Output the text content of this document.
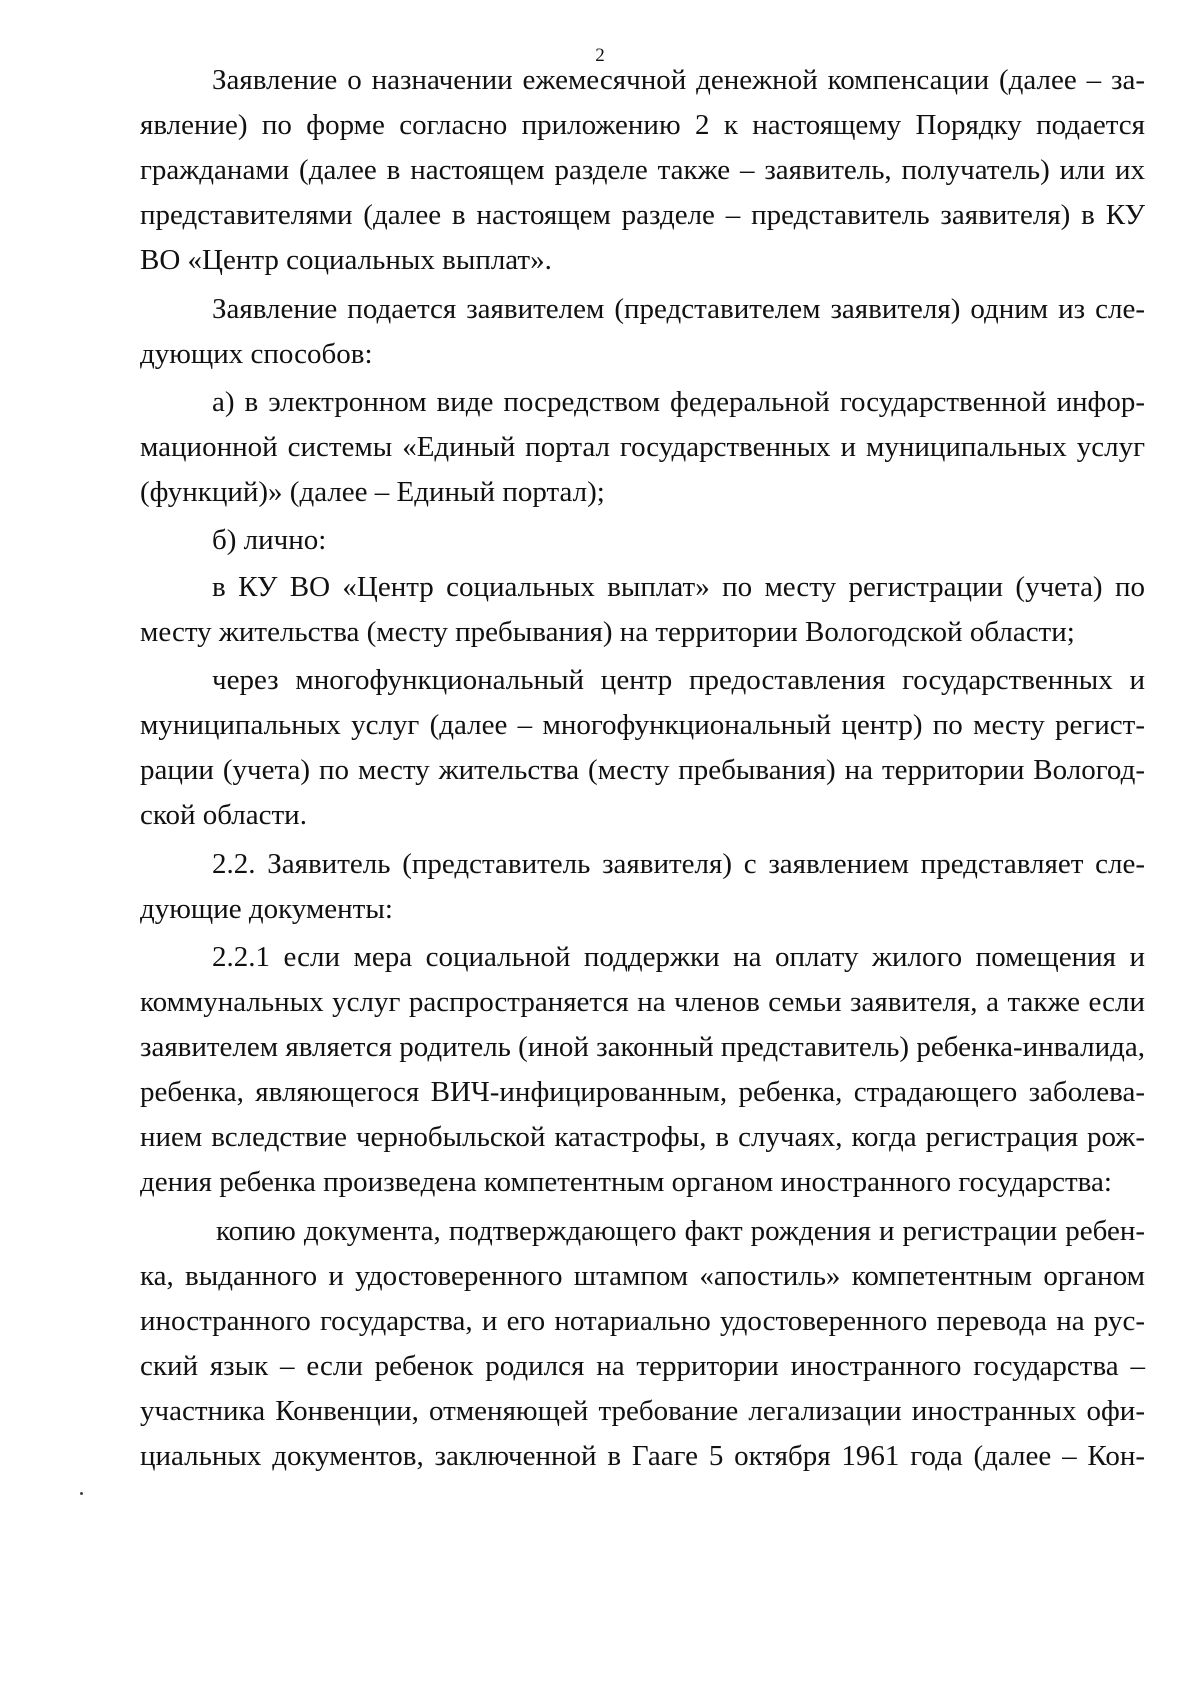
2
Заявление о назначении ежемесячной денежной компенсации (далее – за-
явление) по форме согласно приложению 2 к настоящему Порядку подается
гражданами (далее в настоящем разделе также – заявитель, получатель) или их
представителями (далее в настоящем разделе – представитель заявителя) в КУ
ВО «Центр социальных выплат».
Заявление подается заявителем (представителем заявителя) одним из сле-
дующих способов:
а) в электронном виде посредством федеральной государственной инфор-
мационной системы «Единый портал государственных и муниципальных услуг
(функций)» (далее – Единый портал);
б) лично:
в КУ ВО «Центр социальных выплат» по месту регистрации (учета) по
месту жительства (месту пребывания) на территории Вологодской области;
через многофункциональный центр предоставления государственных и
муниципальных услуг (далее – многофункциональный центр) по месту регист-
рации (учета) по месту жительства (месту пребывания) на территории Вологод-
ской области.
2.2. Заявитель (представитель заявителя) с заявлением представляет сле-
дующие документы:
2.2.1 если мера социальной поддержки на оплату жилого помещения и
коммунальных услуг распространяется на членов семьи заявителя, а также если
заявителем является родитель (иной законный представитель) ребенка-инвалида,
ребенка, являющегося ВИЧ-инфицированным, ребенка, страдающего заболева-
нием вследствие чернобыльской катастрофы, в случаях, когда регистрация рож-
дения ребенка произведена компетентным органом иностранного государства:
копию документа, подтверждающего факт рождения и регистрации ребен-
ка, выданного и удостоверенного штампом «апостиль» компетентным органом
иностранного государства, и его нотариально удостоверенного перевода на рус-
ский язык – если ребенок родился на территории иностранного государства –
участника Конвенции, отменяющей требование легализации иностранных офи-
циальных документов, заключенной в Гааге 5 октября 1961 года (далее – Кон-
